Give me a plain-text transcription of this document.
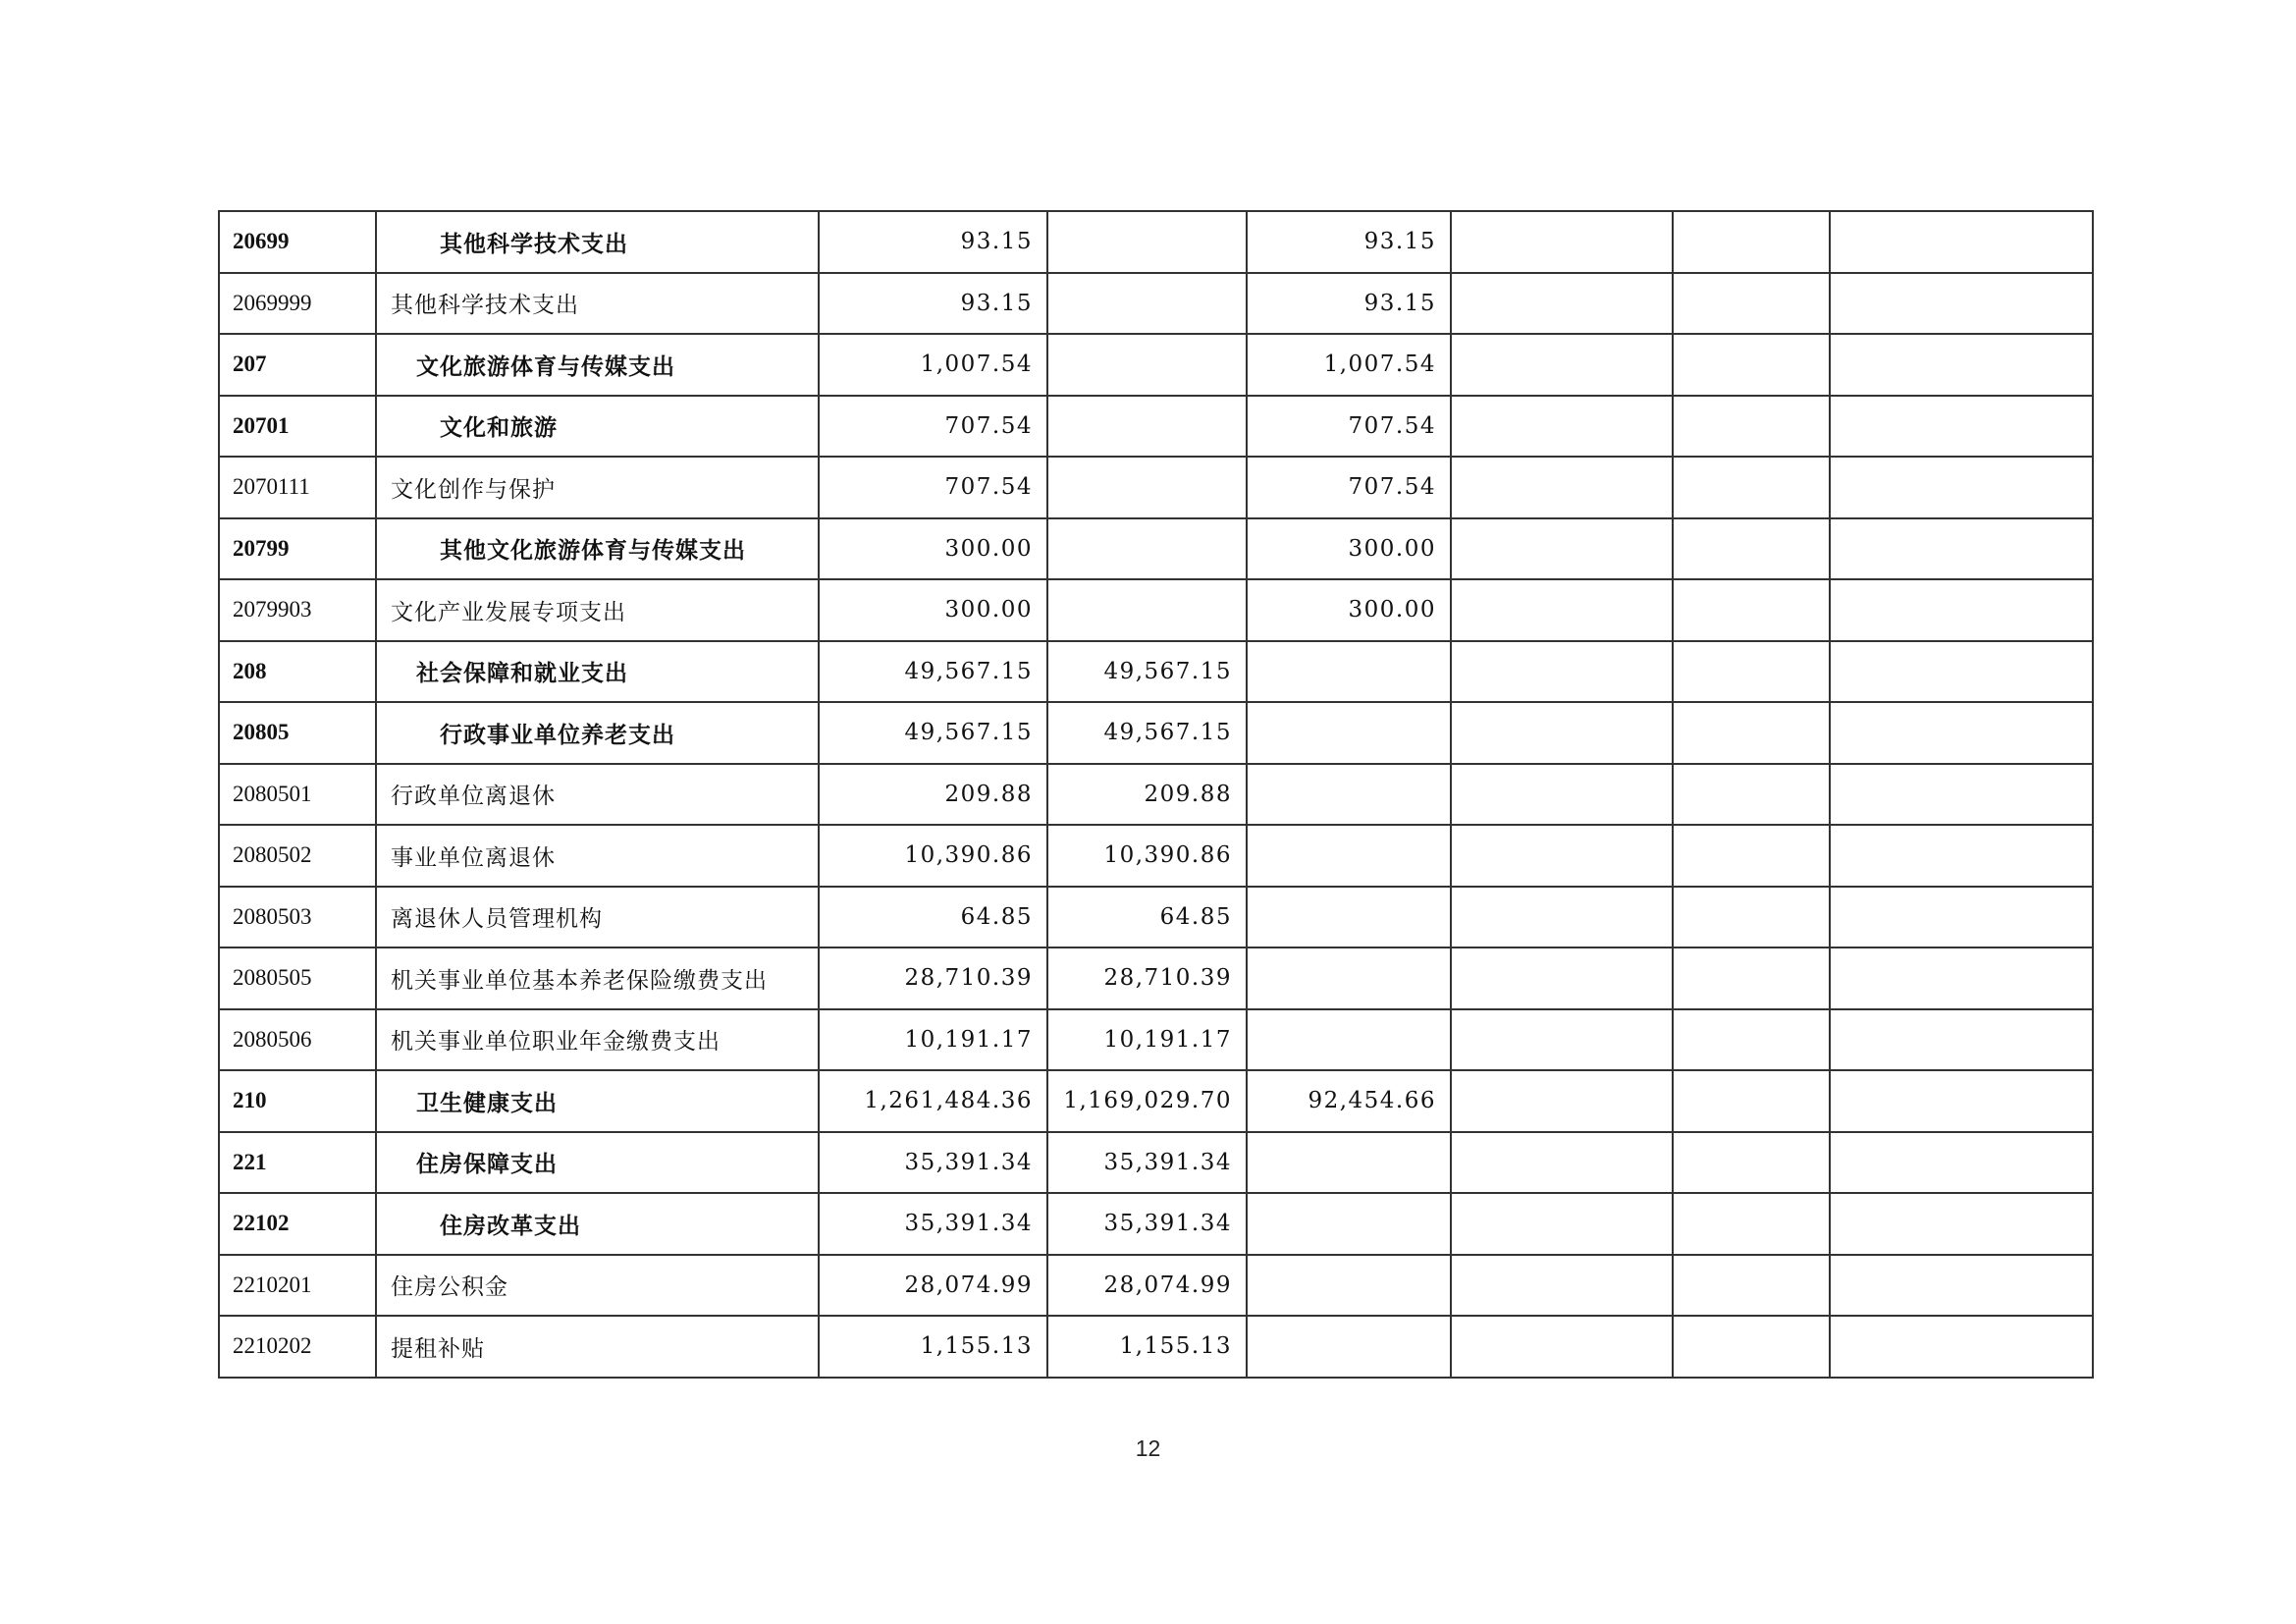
20699	其他科学技术支出	93.15		93.15			
2069999	其他科学技术支出	93.15		93.15			
207	文化旅游体育与传媒支出	1,007.54		1,007.54			
20701	文化和旅游	707.54		707.54			
2070111	文化创作与保护	707.54		707.54			
20799	其他文化旅游体育与传媒支出	300.00		300.00			
2079903	文化产业发展专项支出	300.00		300.00			
208	社会保障和就业支出	49,567.15	49,567.15				
20805	行政事业单位养老支出	49,567.15	49,567.15				
2080501	行政单位离退休	209.88	209.88				
2080502	事业单位离退休	10,390.86	10,390.86				
2080503	离退休人员管理机构	64.85	64.85				
2080505	机关事业单位基本养老保险缴费支出	28,710.39	28,710.39				
2080506	机关事业单位职业年金缴费支出	10,191.17	10,191.17				
210	卫生健康支出	1,261,484.36	1,169,029.70	92,454.66			
221	住房保障支出	35,391.34	35,391.34				
22102	住房改革支出	35,391.34	35,391.34				
2210201	住房公积金	28,074.99	28,074.99				
2210202	提租补贴	1,155.13	1,155.13				
12
